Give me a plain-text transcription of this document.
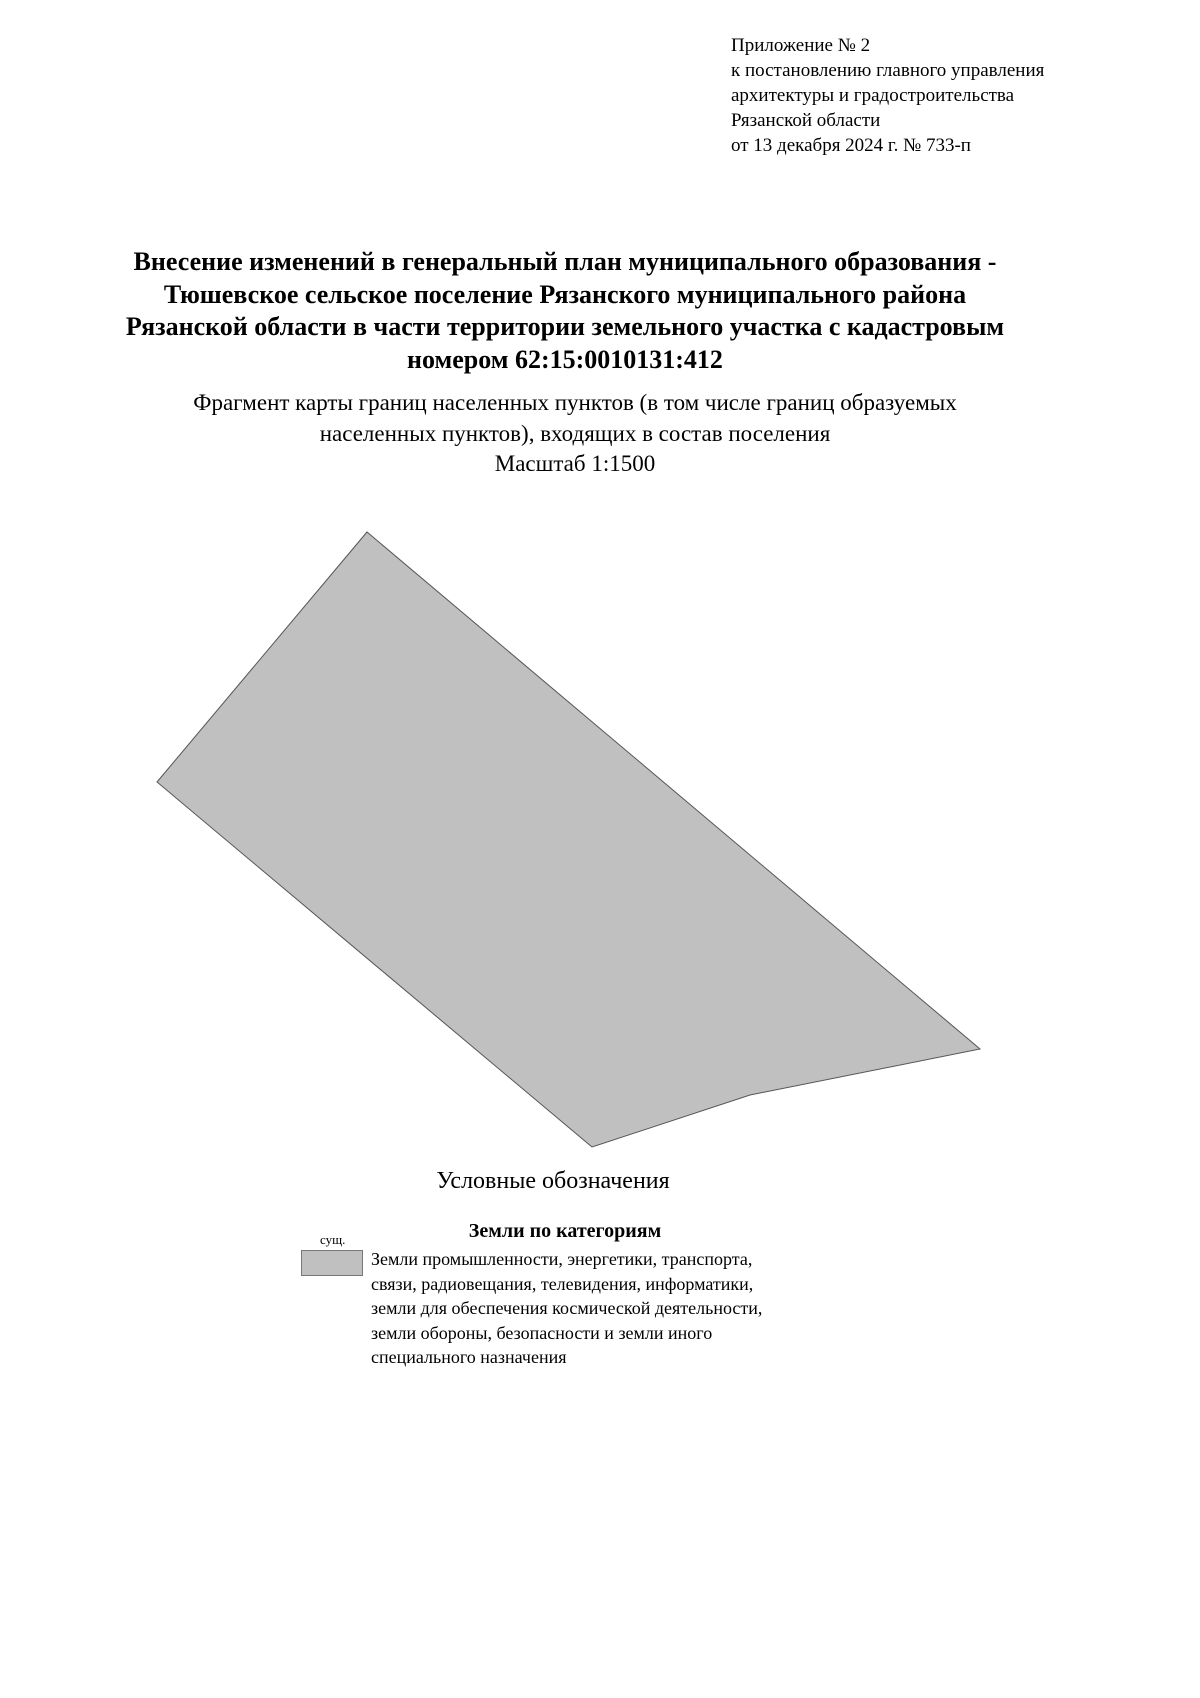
Приложение № 2
к постановлению главного управления
архитектуры и градостроительства
Рязанской области
от 13 декабря 2024 г. № 733-п
Внесение изменений в генеральный план муниципального образования -
Тюшевское сельское поселение Рязанского муниципального района
Рязанской области в части территории земельного участка с кадастровым
номером 62:15:0010131:412
Фрагмент карты границ населенных пунктов (в том числе границ образуемых
населенных пунктов), входящих в состав поселения
Масштаб 1:1500
Условные обозначения
Земли по категориям
сущ.
Земли промышленности, энергетики, транспорта,
связи, радиовещания, телевидения, информатики,
земли для обеспечения космической деятельности,
земли обороны, безопасности и земли иного
специального назначения
